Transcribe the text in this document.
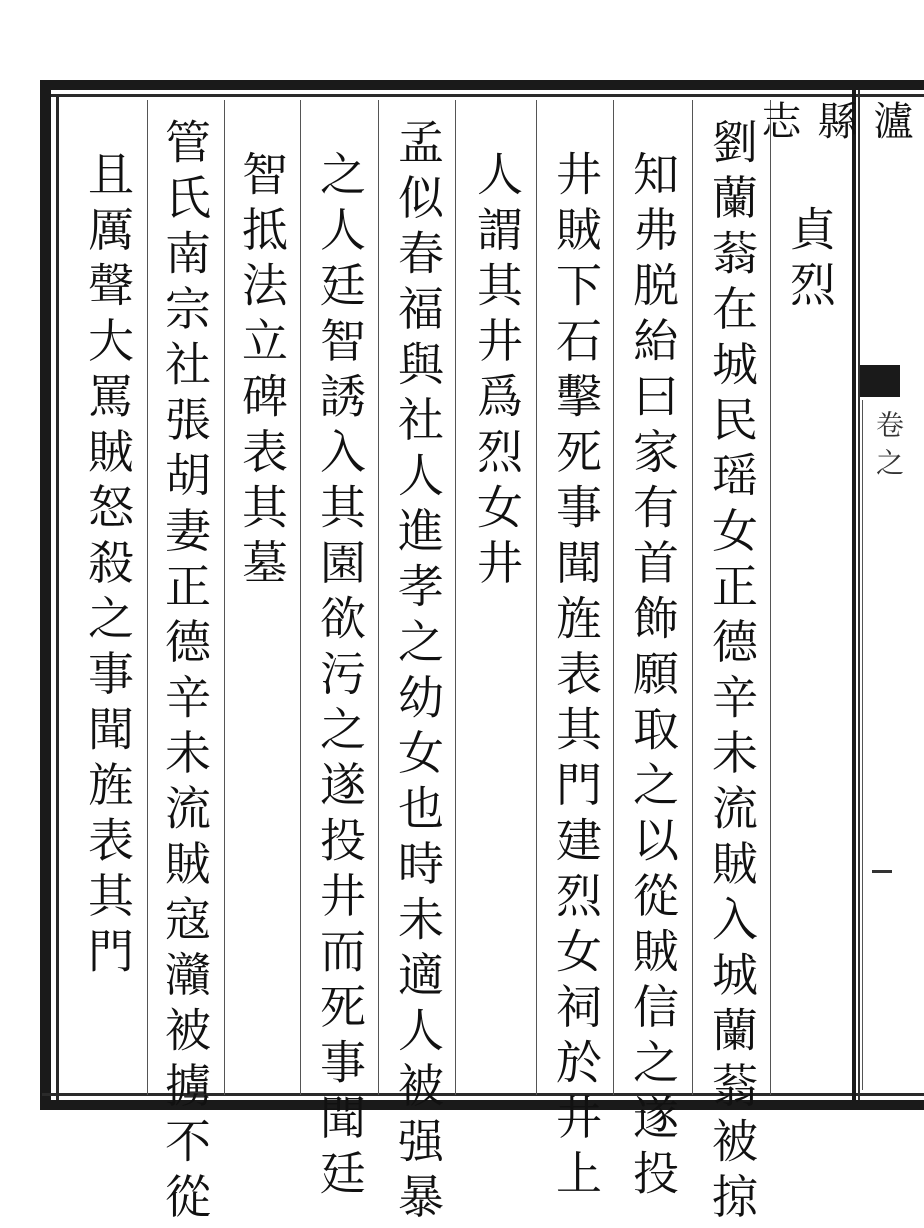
瀘縣志
卷之
貞烈
劉蘭蓊在城民瑶女正德辛未流賊入城蘭蓊被掠
知弗脱紿曰家有首飾願取之以從賊信之遂投
井賊下石擊死事聞旌表其門建烈女祠於井上
人謂其井爲烈女井
孟似春福與社人進孝之幼女也時未適人被强暴
之人廷智誘入其園欲污之遂投井而死事聞廷
智抵法立碑表其墓
管氏南宗社張胡妻正德辛未流賊寇灨被擄不從
且厲聲大罵賊怒殺之事聞旌表其門
